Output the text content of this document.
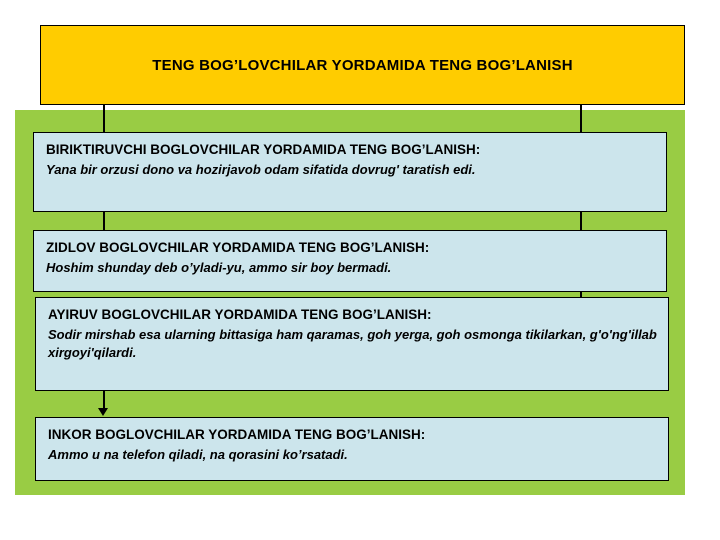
TENG BOG’LOVCHILAR YORDAMIDA TENG BOG’LANISH

BIRIKTIRUVCHI BOGLOVCHILAR YORDAMIDA TENG BOG’LANISH:

Yana bir orzusi dono va hozirjavob odam sifatida dovrug' taratish edi.

ZIDLOV BOGLOVCHILAR YORDAMIDA TENG BOG’LANISH:

Hoshim shunday deb o’yladi-yu, ammo sir boy bermadi.

AYIRUV BOGLOVCHILAR YORDAMIDA TENG BOG’LANISH:

Sodir mirshab esa ularning bittasiga ham qaramas, goh yerga, goh osmonga tikilarkan, g'o'ng'illab xirgoyi'qilardi.

INKOR BOGLOVCHILAR YORDAMIDA TENG BOG’LANISH:

Ammo u na telefon qiladi, na qorasini ko’rsatadi.
